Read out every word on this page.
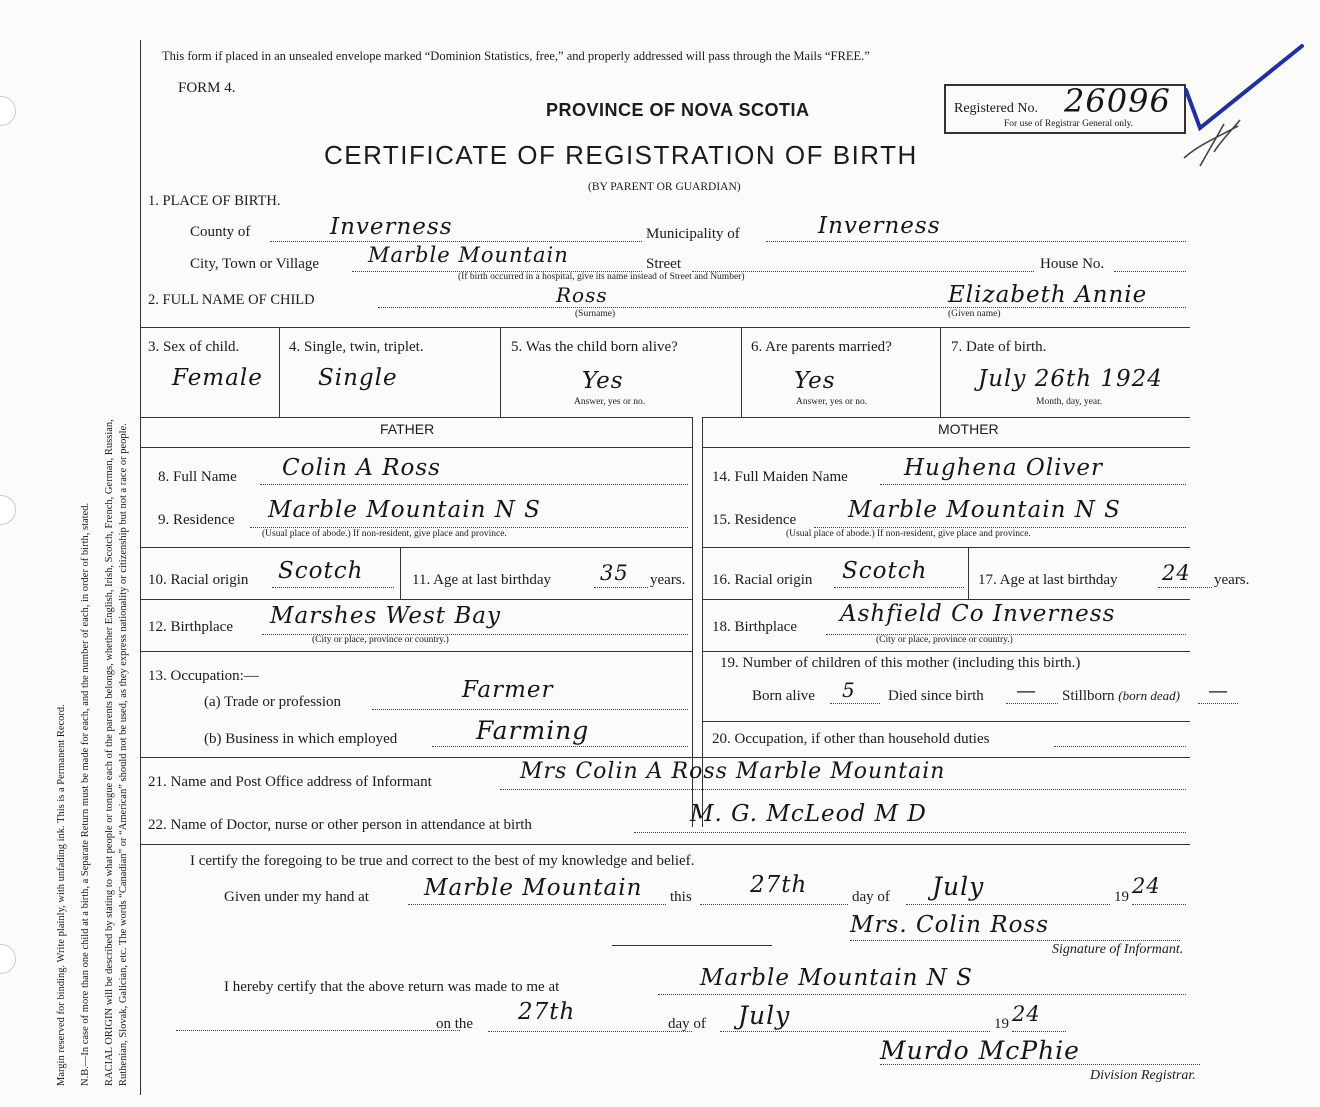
Margin reserved for binding. Write plainly, with unfading ink. This is a Permanent Record. N.B.—In case of more than one child at a birth, a Separate Return must be made for each, and the number of each, in order of birth, stated. RACIAL ORIGIN will be described by stating to what people or tongue each of the parents belongs, whether English, Irish, Scotch, French, German, Russian, Ruthenian, Slovak, Galician, etc. The words “Canadian” or “American” should not be used, as they express nationality or citizenship but not a race or people.
This form if placed in an unsealed envelope marked “Dominion Statistics, free,” and properly addressed will pass through the Mails “FREE.”
FORM 4.
PROVINCE OF NOVA SCOTIA
CERTIFICATE OF REGISTRATION OF BIRTH
(BY PARENT OR GUARDIAN)
Registered No. 26096
For use of Registrar General only.
1. PLACE OF BIRTH.
County of	Inverness	Municipality of	Inverness
City, Town or Village Marble Mountain	Street	House No.
(If birth occurred in a hospital, give its name instead of Street and Number)
2. FULL NAME OF CHILD	Ross
(Surname)
Elizabeth Annie
(Given name)
3. Sex of child.
Female
4. Single, twin, triplet.
Single
5. Was the child born alive?
Yes
Answer, yes or no.
6. Are parents married?
Yes
Answer, yes or no.
7. Date of birth.
July 26th 1924
Month, day, year.
FATHER	MOTHER
8. Full Name Colin A Ross	14. Full Maiden Name Hughena Oliver
9. Residence Marble Mountain N S
(Usual place of abode.) If non-resident, give place and province.
15. Residence Marble Mountain N S
(Usual place of abode.) If non-resident, give place and province.
10. Racial origin Scotch	11. Age at last birthday 35 years. 16. Racial origin Scotch	17. Age at last birthday 24 years.
12. Birthplace Marshes West Bay
(City or place, province or country.)
18. Birthplace Ashfield Co Inverness
(City or place, province or country.)
13. Occupation:—
(a) Trade or profession	Farmer
(b) Business in which employed	Farming
19. Number of children of this mother (including this birth.)
Born alive 5 Died since birth — Stillborn (born dead) —
20. Occupation, if other than household duties
21. Name and Post Office address of Informant	Mrs Colin A Ross Marble Mountain
22. Name of Doctor, nurse or other person in attendance at birth	M. G. McLeod M D
I certify the foregoing to be true and correct to the best of my knowledge and belief.
Given under my hand at Marble Mountain this	27th	day of July	19 24
Mrs. Colin Ross
Signature of Informant.
I hereby certify that the above return was made to me at	Marble Mountain N S
on the 27th	day of July	19 24
Murdo McPhie
Division Registrar.
